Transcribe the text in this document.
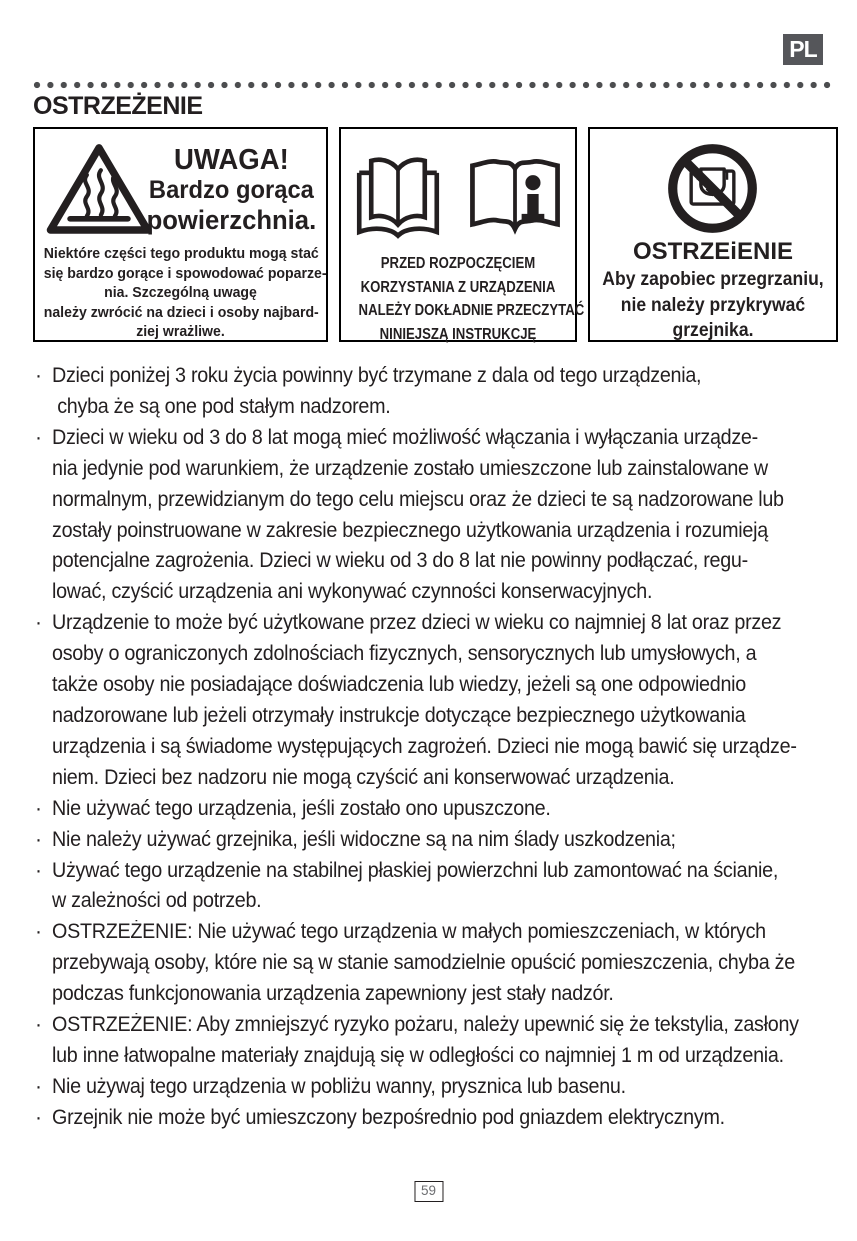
PL
OSTRZEŻENIE
UWAGA!
Bardzo gorąca
powierzchnia.
Niektóre części tego produktu mogą stać
się bardzo gorące i spowodować poparze-
nia. Szczególną uwagę
należy zwrócić na dzieci i osoby najbard-
ziej wrażliwe.
PRZED ROZPOCZĘCIEM
KORZYSTANIA Z URZĄDZENIA
NALEŻY DOKŁADNIE PRZECZYTAĆ
NINIEJSZĄ INSTRUKCJĘ
OSTRZEiENIE
Aby zapobiec przegrzaniu,
nie należy przykrywać
grzejnika.
· Dzieci poniżej 3 roku życia powinny być trzymane z dala od tego urządzenia,
chyba że są one pod stałym nadzorem.
· Dzieci w wieku od 3 do 8 lat mogą mieć możliwość włączania i wyłączania urządze-
nia jedynie pod warunkiem, że urządzenie zostało umieszczone lub zainstalowane w
normalnym, przewidzianym do tego celu miejscu oraz że dzieci te są nadzorowane lub
zostały poinstruowane w zakresie bezpiecznego użytkowania urządzenia i rozumieją
potencjalne zagrożenia. Dzieci w wieku od 3 do 8 lat nie powinny podłączać, regu-
lować, czyścić urządzenia ani wykonywać czynności konserwacyjnych.
· Urządzenie to może być użytkowane przez dzieci w wieku co najmniej 8 lat oraz przez
osoby o ograniczonych zdolnościach fizycznych, sensorycznych lub umysłowych, a
także osoby nie posiadające doświadczenia lub wiedzy, jeżeli są one odpowiednio
nadzorowane lub jeżeli otrzymały instrukcje dotyczące bezpiecznego użytkowania
urządzenia i są świadome występujących zagrożeń. Dzieci nie mogą bawić się urządze-
niem. Dzieci bez nadzoru nie mogą czyścić ani konserwować urządzenia.
· Nie używać tego urządzenia, jeśli zostało ono upuszczone.
· Nie należy używać grzejnika, jeśli widoczne są na nim ślady uszkodzenia;
· Używać tego urządzenie na stabilnej płaskiej powierzchni lub zamontować na ścianie,
w zależności od potrzeb.
· OSTRZEŻENIE: Nie używać tego urządzenia w małych pomieszczeniach, w których
przebywają osoby, które nie są w stanie samodzielnie opuścić pomieszczenia, chyba że
podczas funkcjonowania urządzenia zapewniony jest stały nadzór.
· OSTRZEŻENIE: Aby zmniejszyć ryzyko pożaru, należy upewnić się że tekstylia, zasłony
lub inne łatwopalne materiały znajdują się w odległości co najmniej 1 m od urządzenia.
· Nie używaj tego urządzenia w pobliżu wanny, prysznica lub basenu.
· Grzejnik nie może być umieszczony bezpośrednio pod gniazdem elektrycznym.
59
